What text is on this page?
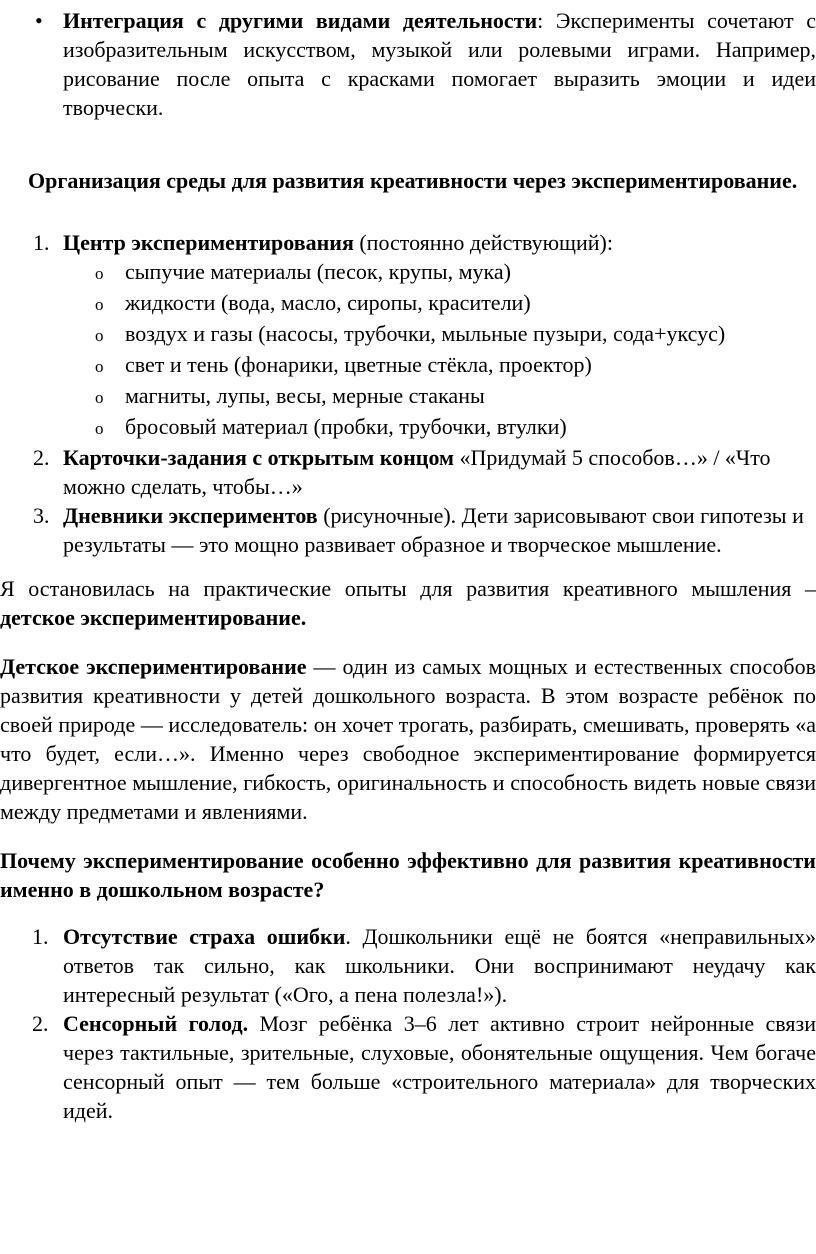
• Интеграция с другими видами деятельности: Эксперименты сочетают с изобразительным искусством, музыкой или ролевыми играми. Например, рисование после опыта с красками помогает выразить эмоции и идеи творчески.

Организация среды для развития креативности через экспериментирование.

1. Центр экспериментирования (постоянно действующий):
o сыпучие материалы (песок, крупы, мука)
o жидкости (вода, масло, сиропы, красители)
o воздух и газы (насосы, трубочки, мыльные пузыри, сода+уксус)
o свет и тень (фонарики, цветные стёкла, проектор)
o магниты, лупы, весы, мерные стаканы
o бросовый материал (пробки, трубочки, втулки)
2. Карточки-задания с открытым концом «Придумай 5 способов…» / «Что можно сделать, чтобы…»
3. Дневники экспериментов (рисуночные). Дети зарисовывают свои гипотезы и результаты — это мощно развивает образное и творческое мышление.

Я остановилась на практические опыты для развития креативного мышления – детское экспериментирование.

Детское экспериментирование — один из самых мощных и естественных способов развития креативности у детей дошкольного возраста. В этом возрасте ребёнок по своей природе — исследователь: он хочет трогать, разбирать, смешивать, проверять «а что будет, если…». Именно через свободное экспериментирование формируется дивергентное мышление, гибкость, оригинальность и способность видеть новые связи между предметами и явлениями.

Почему экспериментирование особенно эффективно для развития креативности именно в дошкольном возрасте?

1. Отсутствие страха ошибки. Дошкольники ещё не боятся «неправильных» ответов так сильно, как школьники. Они воспринимают неудачу как интересный результат («Ого, а пена полезла!»).
2. Сенсорный голод. Мозг ребёнка 3–6 лет активно строит нейронные связи через тактильные, зрительные, слуховые, обонятельные ощущения. Чем богаче сенсорный опыт — тем больше «строительного материала» для творческих идей.
